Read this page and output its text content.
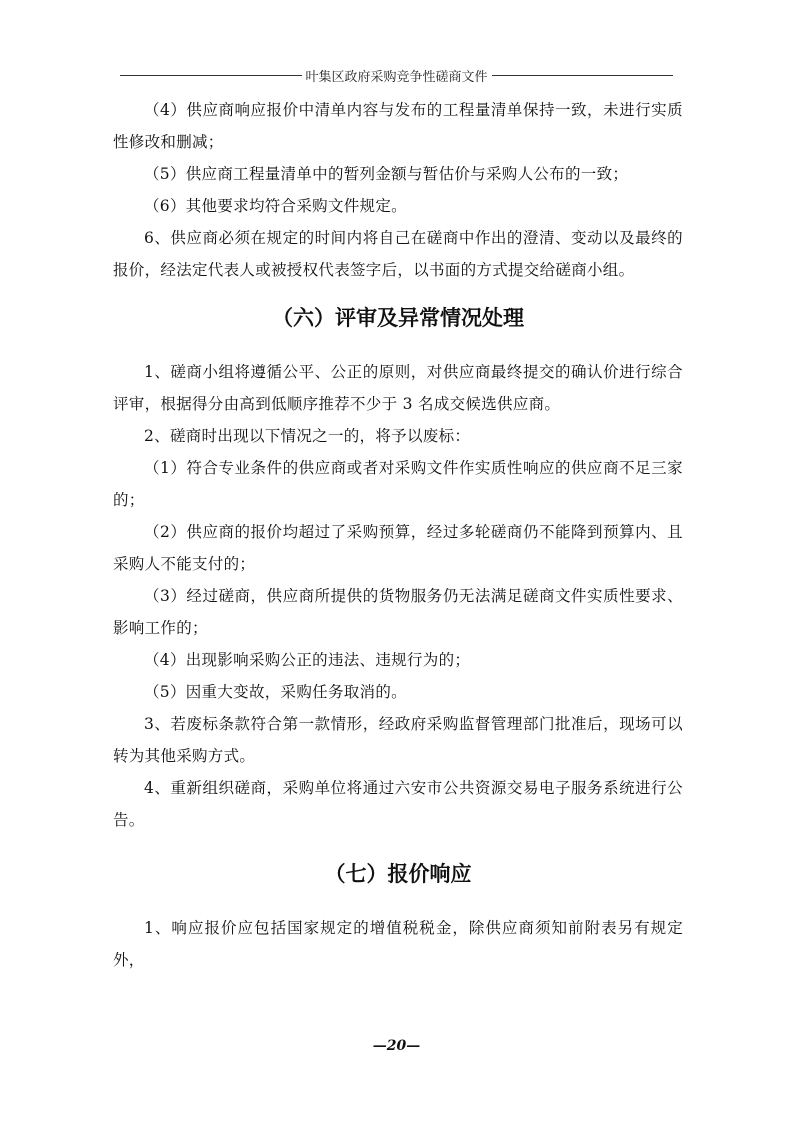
叶集区政府采购竞争性磋商文件

（4）供应商响应报价中清单内容与发布的工程量清单保持一致，未进行实质性修改和删减；

（5）供应商工程量清单中的暂列金额与暂估价与采购人公布的一致；

（6）其他要求均符合采购文件规定。

6、供应商必须在规定的时间内将自己在磋商中作出的澄清、变动以及最终的报价，经法定代表人或被授权代表签字后，以书面的方式提交给磋商小组。

（六）评审及异常情况处理

1、磋商小组将遵循公平、公正的原则，对供应商最终提交的确认价进行综合评审，根据得分由高到低顺序推荐不少于 3 名成交候选供应商。

2、磋商时出现以下情况之一的，将予以废标：

（1）符合专业条件的供应商或者对采购文件作实质性响应的供应商不足三家的；

（2）供应商的报价均超过了采购预算，经过多轮磋商仍不能降到预算内、且采购人不能支付的；

（3）经过磋商，供应商所提供的货物服务仍无法满足磋商文件实质性要求、影响工作的；

（4）出现影响采购公正的违法、违规行为的；

（5）因重大变故，采购任务取消的。

3、若废标条款符合第一款情形，经政府采购监督管理部门批准后，现场可以转为其他采购方式。

4、重新组织磋商，采购单位将通过六安市公共资源交易电子服务系统进行公告。

（七）报价响应

1、响应报价应包括国家规定的增值税税金，除供应商须知前附表另有规定外，

—20—
